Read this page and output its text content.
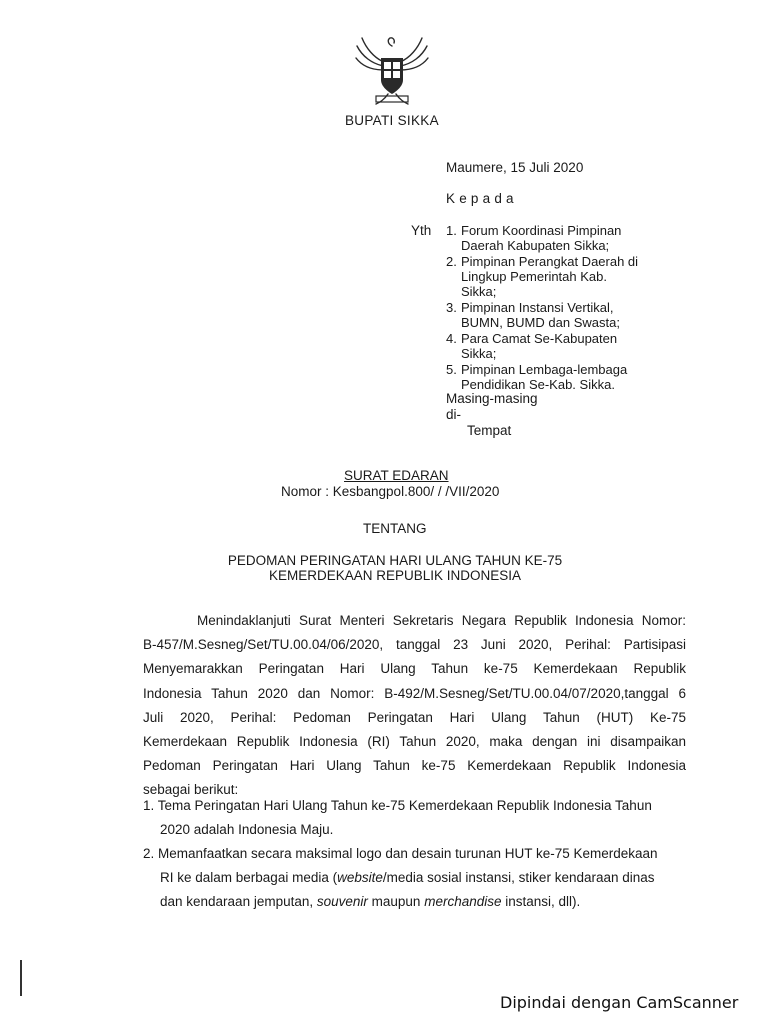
BUPATI SIKKA
Maumere, 15 Juli 2020
Kepada
Yth 1. Forum Koordinasi Pimpinan
Daerah Kabupaten Sikka;
2. Pimpinan Perangkat Daerah di
Lingkup Pemerintah Kab.
Sikka;
3. Pimpinan Instansi Vertikal,
BUMN, BUMD dan Swasta;
4. Para Camat Se-Kabupaten
Sikka;
5. Pimpinan Lembaga-lembaga
Pendidikan Se-Kab. Sikka.
Masing-masing
di-
Tempat
SURAT EDARAN
Nomor : Kesbangpol.800/ / /VII/2020
TENTANG
PEDOMAN PERINGATAN HARI ULANG TAHUN KE-75
KEMERDEKAAN REPUBLIK INDONESIA
Menindaklanjuti Surat Menteri Sekretaris Negara Republik Indonesia Nomor:
B-457/M.Sesneg/Set/TU.00.04/06/2020, tanggal 23 Juni 2020, Perihal: Partisipasi
Menyemarakkan Peringatan Hari Ulang Tahun ke-75 Kemerdekaan Republik
Indonesia Tahun 2020 dan Nomor: B-492/M.Sesneg/Set/TU.00.04/07/2020,tanggal 6
Juli 2020, Perihal: Pedoman Peringatan Hari Ulang Tahun (HUT) Ke-75
Kemerdekaan Republik Indonesia (RI) Tahun 2020, maka dengan ini disampaikan
Pedoman Peringatan Hari Ulang Tahun ke-75 Kemerdekaan Republik Indonesia
sebagai berikut:
1. Tema Peringatan Hari Ulang Tahun ke-75 Kemerdekaan Republik Indonesia Tahun
2020 adalah Indonesia Maju.
2. Memanfaatkan secara maksimal logo dan desain turunan HUT ke-75 Kemerdekaan
RI ke dalam berbagai media (website/media sosial instansi, stiker kendaraan dinas
dan kendaraan jemputan, souvenir maupun merchandise instansi, dll).
Dipindai dengan CamScanner
